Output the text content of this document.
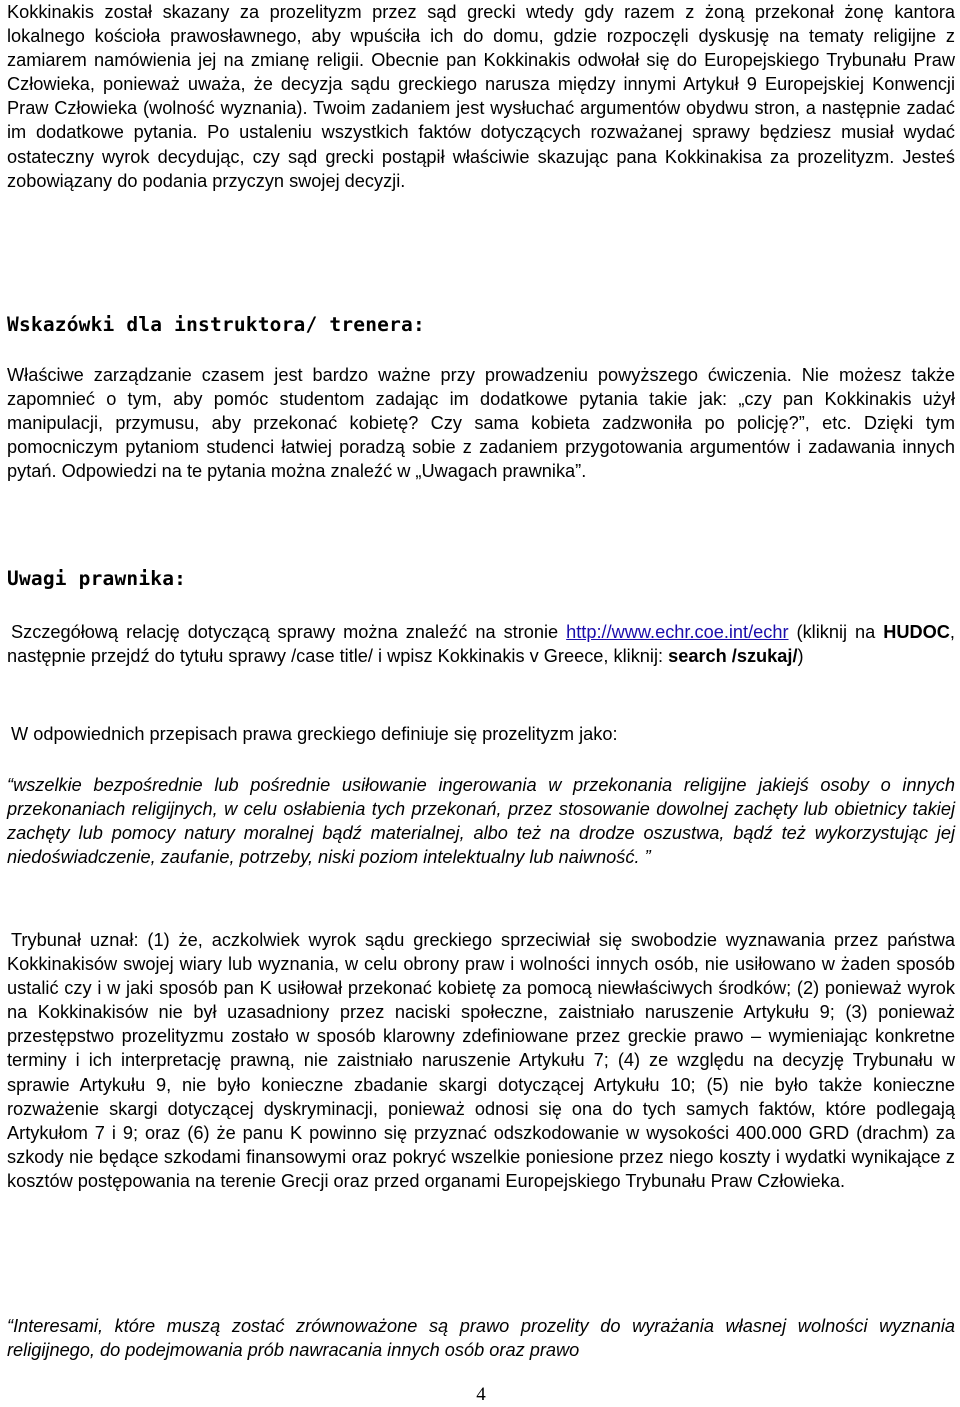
Kokkinakis został skazany za prozelityzm przez sąd grecki wtedy gdy razem z żoną przekonał żonę kantora lokalnego kościoła prawosławnego, aby wpuściła ich do domu, gdzie rozpoczęli dyskusję na tematy religijne z zamiarem namówienia jej na zmianę religii. Obecnie pan Kokkinakis odwołał się do Europejskiego Trybunału Praw Człowieka, ponieważ uważa, że decyzja sądu greckiego narusza między innymi Artykuł 9 Europejskiej Konwencji Praw Człowieka (wolność wyznania). Twoim zadaniem jest wysłuchać argumentów obydwu stron, a następnie zadać im dodatkowe pytania. Po ustaleniu wszystkich faktów dotyczących rozważanej sprawy będziesz musiał wydać ostateczny wyrok decydując, czy sąd grecki postąpił właściwie skazując pana Kokkinakisa za prozelityzm. Jesteś zobowiązany do podania przyczyn swojej decyzji.

Wskazówki dla instruktora/ trenera:

Właściwe zarządzanie czasem jest bardzo ważne przy prowadzeniu powyższego ćwiczenia. Nie możesz także zapomnieć o tym, aby pomóc studentom zadając im dodatkowe pytania takie jak: „czy pan Kokkinakis użył manipulacji, przymusu, aby przekonać kobietę? Czy sama kobieta zadzwoniła po policję?”, etc. Dzięki tym pomocniczym pytaniom studenci łatwiej poradzą sobie z zadaniem przygotowania argumentów i zadawania innych pytań. Odpowiedzi na te pytania można znaleźć w „Uwagach prawnika”.

Uwagi prawnika:

Szczegółową relację dotyczącą sprawy można znaleźć na stronie http://www.echr.coe.int/echr (kliknij na HUDOC, następnie przejdź do tytułu sprawy /case title/ i wpisz Kokkinakis v Greece, kliknij: search /szukaj/)

W odpowiednich przepisach prawa greckiego definiuje się prozelityzm jako:

“wszelkie bezpośrednie lub pośrednie usiłowanie ingerowania w przekonania religijne jakiejś osoby o innych przekonaniach religijnych, w celu osłabienia tych przekonań, przez stosowanie dowolnej zachęty lub obietnicy takiej zachęty lub pomocy natury moralnej bądź materialnej, albo też na drodze oszustwa, bądź też wykorzystując jej niedoświadczenie, zaufanie, potrzeby, niski poziom intelektualny lub naiwność. ”

Trybunał uznał: (1) że, aczkolwiek wyrok sądu greckiego sprzeciwiał się swobodzie wyznawania przez państwa Kokkinakisów swojej wiary lub wyznania, w celu obrony praw i wolności innych osób, nie usiłowano w żaden sposób ustalić czy i w jaki sposób pan K usiłował przekonać kobietę za pomocą niewłaściwych środków; (2) ponieważ wyrok na Kokkinakisów nie był uzasadniony przez naciski społeczne, zaistniało naruszenie Artykułu 9; (3) ponieważ przestępstwo prozelityzmu zostało w sposób klarowny zdefiniowane przez greckie prawo – wymieniając konkretne terminy i ich interpretację prawną, nie zaistniało naruszenie Artykułu 7; (4) ze względu na decyzję Trybunału w sprawie Artykułu 9, nie było konieczne zbadanie skargi dotyczącej Artykułu 10; (5) nie było także konieczne rozważenie skargi dotyczącej dyskryminacji, ponieważ odnosi się ona do tych samych faktów, które podlegają Artykułom 7 i 9; oraz (6) że panu K powinno się przyznać odszkodowanie w wysokości 400.000 GRD (drachm) za szkody nie będące szkodami finansowymi oraz pokryć wszelkie poniesione przez niego koszty i wydatki wynikające z kosztów postępowania na terenie Grecji oraz przed organami Europejskiego Trybunału Praw Człowieka.

“Interesami, które muszą zostać zrównoważone są prawo prozelity do wyrażania własnej wolności wyznania religijnego, do podejmowania prób nawracania innych osób oraz prawo

4
